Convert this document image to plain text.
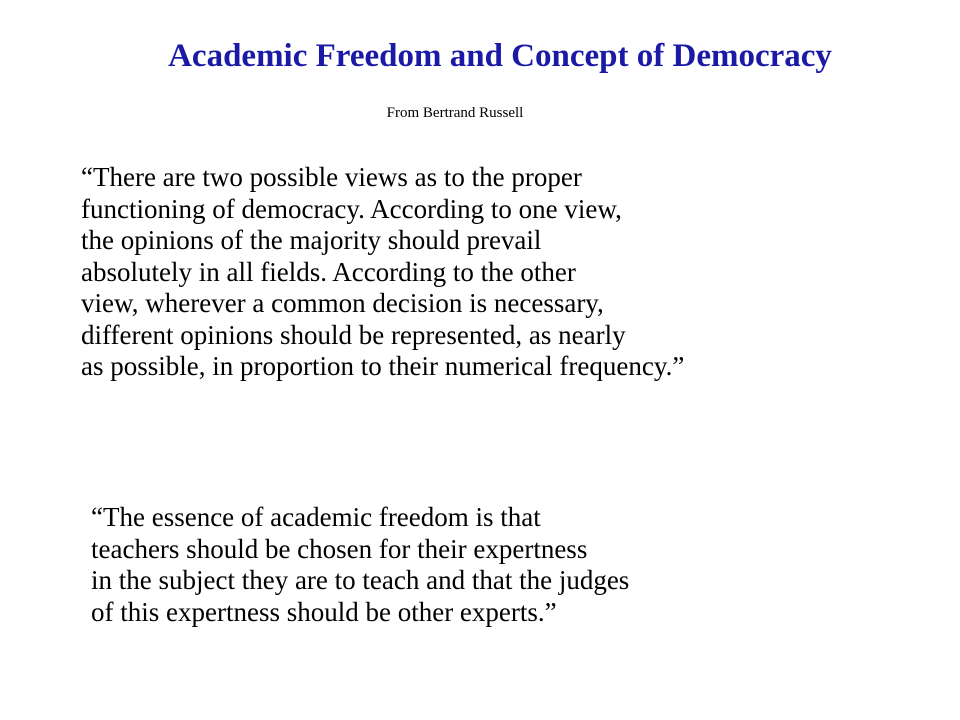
Academic Freedom and Concept of Democracy
From Bertrand Russell

“There are two possible views as to the proper
functioning of democracy. According to one view,
the opinions of the majority should prevail
absolutely in all fields. According to the other
view, wherever a common decision is necessary,
different opinions should be represented, as nearly
as possible, in proportion to their numerical frequency.”

“The essence of academic freedom is that
teachers should be chosen for their expertness
in the subject they are to teach and that the judges
of this expertness should be other experts.”
